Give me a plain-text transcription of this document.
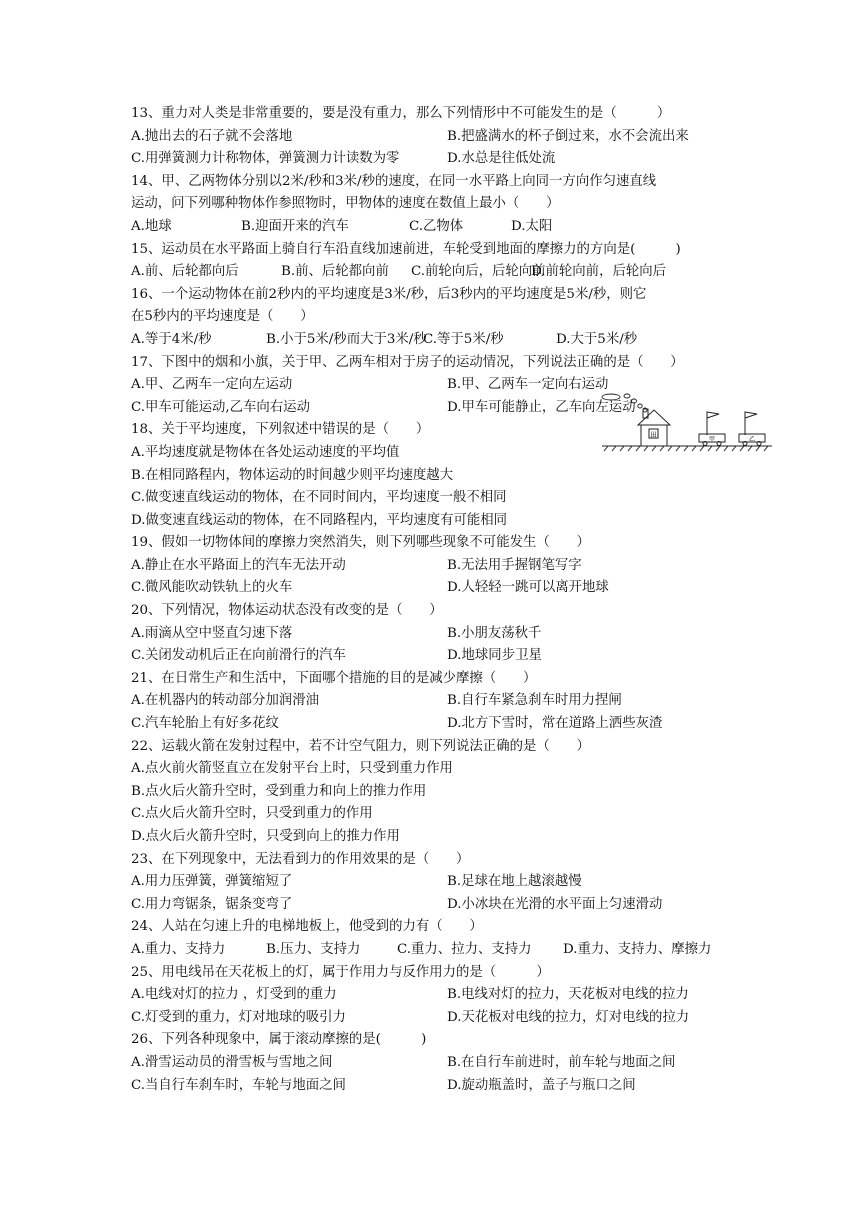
13、重力对人类是非常重要的，要是没有重力，那么下列情形中不可能发生的是（　　　）
A.抛出去的石子就不会落地	B.把盛满水的杯子倒过来，水不会流出来
C.用弹簧测力计称物体，弹簧测力计读数为零	D.水总是往低处流
14、甲、乙两物体分别以2米/秒和3米/秒的速度，在同一水平路上向同一方向作匀速直线
运动，问下列哪种物体作参照物时，甲物体的速度在数值上最小（　　）
A.地球	B.迎面开来的汽车	C.乙物体	D.太阳
15、运动员在水平路面上骑自行车沿直线加速前进，车轮受到地面的摩擦力的方向是(　　　)
A.前、后轮都向后	B.前、后轮都向前 C.前轮向后，后轮向前
D.前轮向前，后轮向后
16、一个运动物体在前2秒内的平均速度是3米/秒，后3秒内的平均速度是5米/秒，则它
在5秒内的平均速度是（　　）
A.等于4米/秒	B.小于5米/秒而大于3米/秒
C.等于5米/秒	D.大于5米/秒
17、下图中的烟和小旗，关于甲、乙两车相对于房子的运动情况，下列说法正确的是（　　）
A.甲、乙两车一定向左运动	B.甲、乙两车一定向右运动
C.甲车可能运动,乙车向右运动	D.甲车可能静止，乙车向左运动
18、关于平均速度，下列叙述中错误的是（　　）
A.平均速度就是物体在各处运动速度的平均值
B.在相同路程内，物体运动的时间越少则平均速度越大
C.做变速直线运动的物体，在不同时间内，平均速度一般不相同
D.做变速直线运动的物体，在不同路程内，平均速度有可能相同
19、假如一切物体间的摩擦力突然消失，则下列哪些现象不可能发生（　　）
A.静止在水平路面上的汽车无法开动	B.无法用手握钢笔写字
C.微风能吹动铁轨上的火车	D.人轻轻一跳可以离开地球
20、下列情况，物体运动状态没有改变的是（　　）
A.雨滴从空中竖直匀速下落	B.小朋友荡秋千
C.关闭发动机后正在向前滑行的汽车	D.地球同步卫星
21、在日常生产和生活中，下面哪个措施的目的是减少摩擦（　　）
A.在机器内的转动部分加润滑油	B.自行车紧急刹车时用力捏闸
C.汽车轮胎上有好多花纹	D.北方下雪时，常在道路上洒些灰渣
22、运载火箭在发射过程中，若不计空气阻力，则下列说法正确的是（　　）
A.点火前火箭竖直立在发射平台上时，只受到重力作用
B.点火后火箭升空时，受到重力和向上的推力作用
C.点火后火箭升空时，只受到重力的作用
D.点火后火箭升空时，只受到向上的推力作用
23、在下列现象中，无法看到力的作用效果的是（　　）
A.用力压弹簧，弹簧缩短了	B.足球在地上越滚越慢
C.用力弯锯条，锯条变弯了	D.小冰块在光滑的水平面上匀速滑动
24、人站在匀速上升的电梯地板上，他受到的力有（　　）
A.重力、支持力	B.压力、支持力	C.重力、拉力、支持力 D.重力、支持力、摩擦力
25、用电线吊在天花板上的灯，属于作用力与反作用力的是（　　　）
A.电线对灯的拉力 ，灯受到的重力	B.电线对灯的拉力，天花板对电线的拉力
C.灯受到的重力，灯对地球的吸引力	D.天花板对电线的拉力，灯对电线的拉力
26、下列各种现象中，属于滚动摩擦的是(　　　)
A.滑雪运动员的滑雪板与雪地之间	B.在自行车前进时，前车轮与地面之间
C.当自行车刹车时，车轮与地面之间	D.旋动瓶盖时，盖子与瓶口之间
田
甲	乙
